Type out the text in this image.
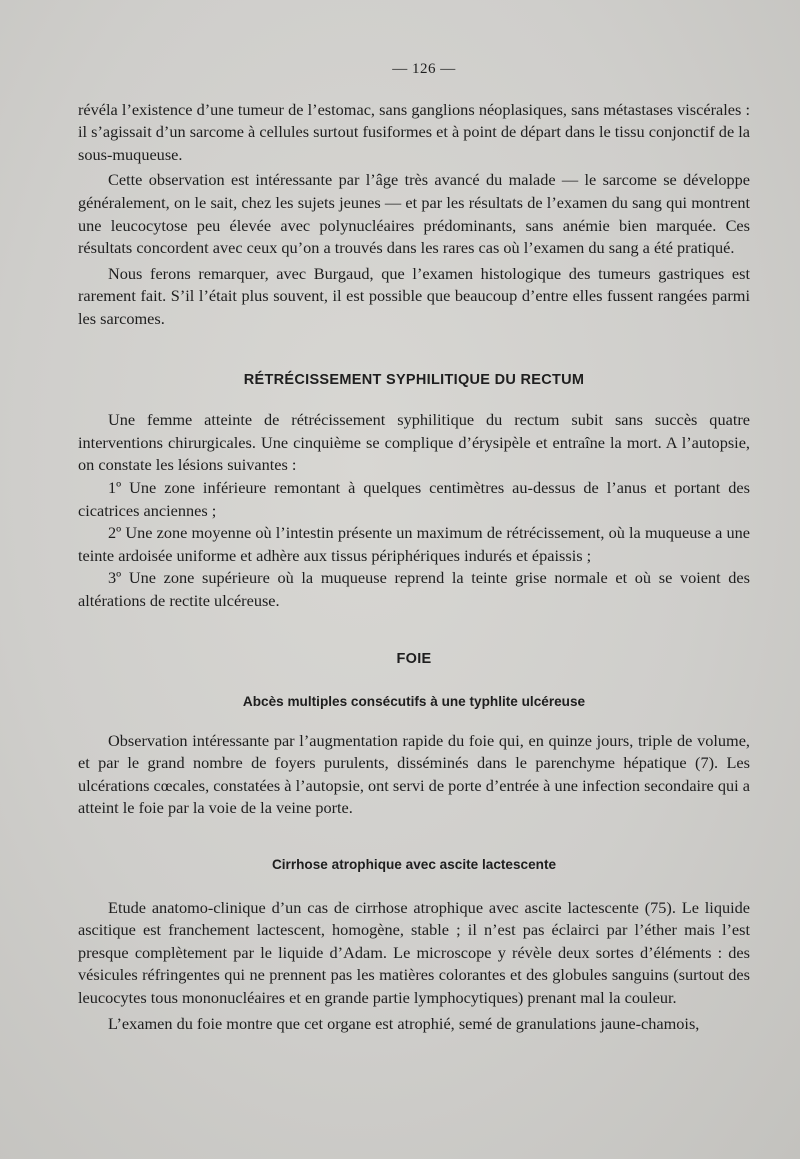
— 126 —

révéla l’existence d’une tumeur de l’estomac, sans ganglions néoplasiques, sans métastases viscérales : il s’agissait d’un sarcome à cellules surtout fusiformes et à point de départ dans le tissu conjonctif de la sous-muqueuse.

Cette observation est intéressante par l’âge très avancé du malade — le sarcome se développe généralement, on le sait, chez les sujets jeunes — et par les résultats de l’examen du sang qui montrent une leucocytose peu élevée avec polynucléaires prédominants, sans anémie bien marquée. Ces résultats concordent avec ceux qu’on a trouvés dans les rares cas où l’examen du sang a été pratiqué.

Nous ferons remarquer, avec Burgaud, que l’examen histologique des tumeurs gastriques est rarement fait. S’il l’était plus souvent, il est possible que beaucoup d’entre elles fussent rangées parmi les sarcomes.

RÉTRÉCISSEMENT SYPHILITIQUE DU RECTUM

Une femme atteinte de rétrécissement syphilitique du rectum subit sans succès quatre interventions chirurgicales. Une cinquième se complique d’érysipèle et entraîne la mort. A l’autopsie, on constate les lésions suivantes :

1º Une zone inférieure remontant à quelques centimètres au-dessus de l’anus et portant des cicatrices anciennes ;

2º Une zone moyenne où l’intestin présente un maximum de rétrécissement, où la muqueuse a une teinte ardoisée uniforme et adhère aux tissus périphériques indurés et épaissis ;

3º Une zone supérieure où la muqueuse reprend la teinte grise normale et où se voient des altérations de rectite ulcéreuse.

FOIE
Abcès multiples consécutifs à une typhlite ulcéreuse

Observation intéressante par l’augmentation rapide du foie qui, en quinze jours, triple de volume, et par le grand nombre de foyers purulents, disséminés dans le parenchyme hépatique (7). Les ulcérations cœcales, constatées à l’autopsie, ont servi de porte d’entrée à une infection secondaire qui a atteint le foie par la voie de la veine porte.

Cirrhose atrophique avec ascite lactescente

Etude anatomo-clinique d’un cas de cirrhose atrophique avec ascite lactescente (75). Le liquide ascitique est franchement lactescent, homogène, stable ; il n’est pas éclairci par l’éther mais l’est presque complètement par le liquide d’Adam. Le microscope y révèle deux sortes d’éléments : des vésicules réfringentes qui ne prennent pas les matières colorantes et des globules sanguins (surtout des leucocytes tous mononucléaires et en grande partie lymphocytiques) prenant mal la couleur.

L’examen du foie montre que cet organe est atrophié, semé de granulations jaune-chamois,
